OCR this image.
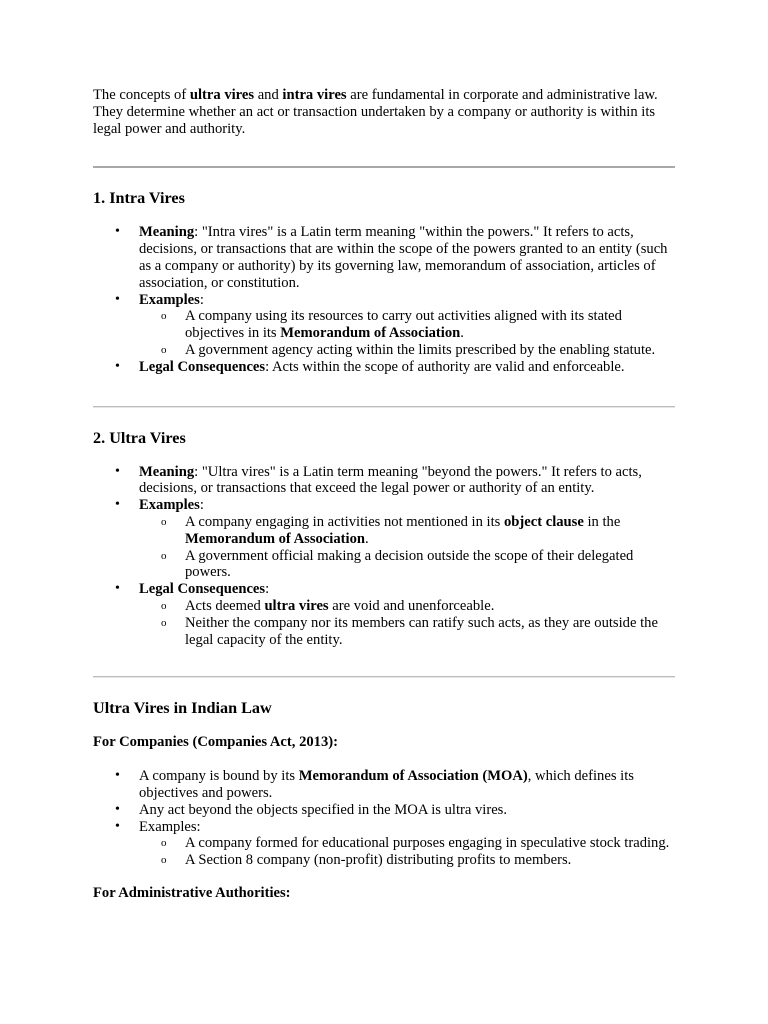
The concepts of ultra vires and intra vires are fundamental in corporate and administrative law. They determine whether an act or transaction undertaken by a company or authority is within its legal power and authority.

1. Intra Vires
• Meaning: "Intra vires" is a Latin term meaning "within the powers." It refers to acts, decisions, or transactions that are within the scope of the powers granted to an entity (such as a company or authority) by its governing law, memorandum of association, articles of association, or constitution.
• Examples:
o A company using its resources to carry out activities aligned with its stated objectives in its Memorandum of Association.
o A government agency acting within the limits prescribed by the enabling statute.
• Legal Consequences: Acts within the scope of authority are valid and enforceable.
2. Ultra Vires
• Meaning: "Ultra vires" is a Latin term meaning "beyond the powers." It refers to acts, decisions, or transactions that exceed the legal power or authority of an entity.
• Examples:
o A company engaging in activities not mentioned in its object clause in the Memorandum of Association.
o A government official making a decision outside the scope of their delegated powers.
• Legal Consequences:
o Acts deemed ultra vires are void and unenforceable.
o Neither the company nor its members can ratify such acts, as they are outside the legal capacity of the entity.
Ultra Vires in Indian Law
For Companies (Companies Act, 2013):
• A company is bound by its Memorandum of Association (MOA), which defines its objectives and powers.
• Any act beyond the objects specified in the MOA is ultra vires.
• Examples:
o A company formed for educational purposes engaging in speculative stock trading.
o A Section 8 company (non-profit) distributing profits to members.
For Administrative Authorities:
